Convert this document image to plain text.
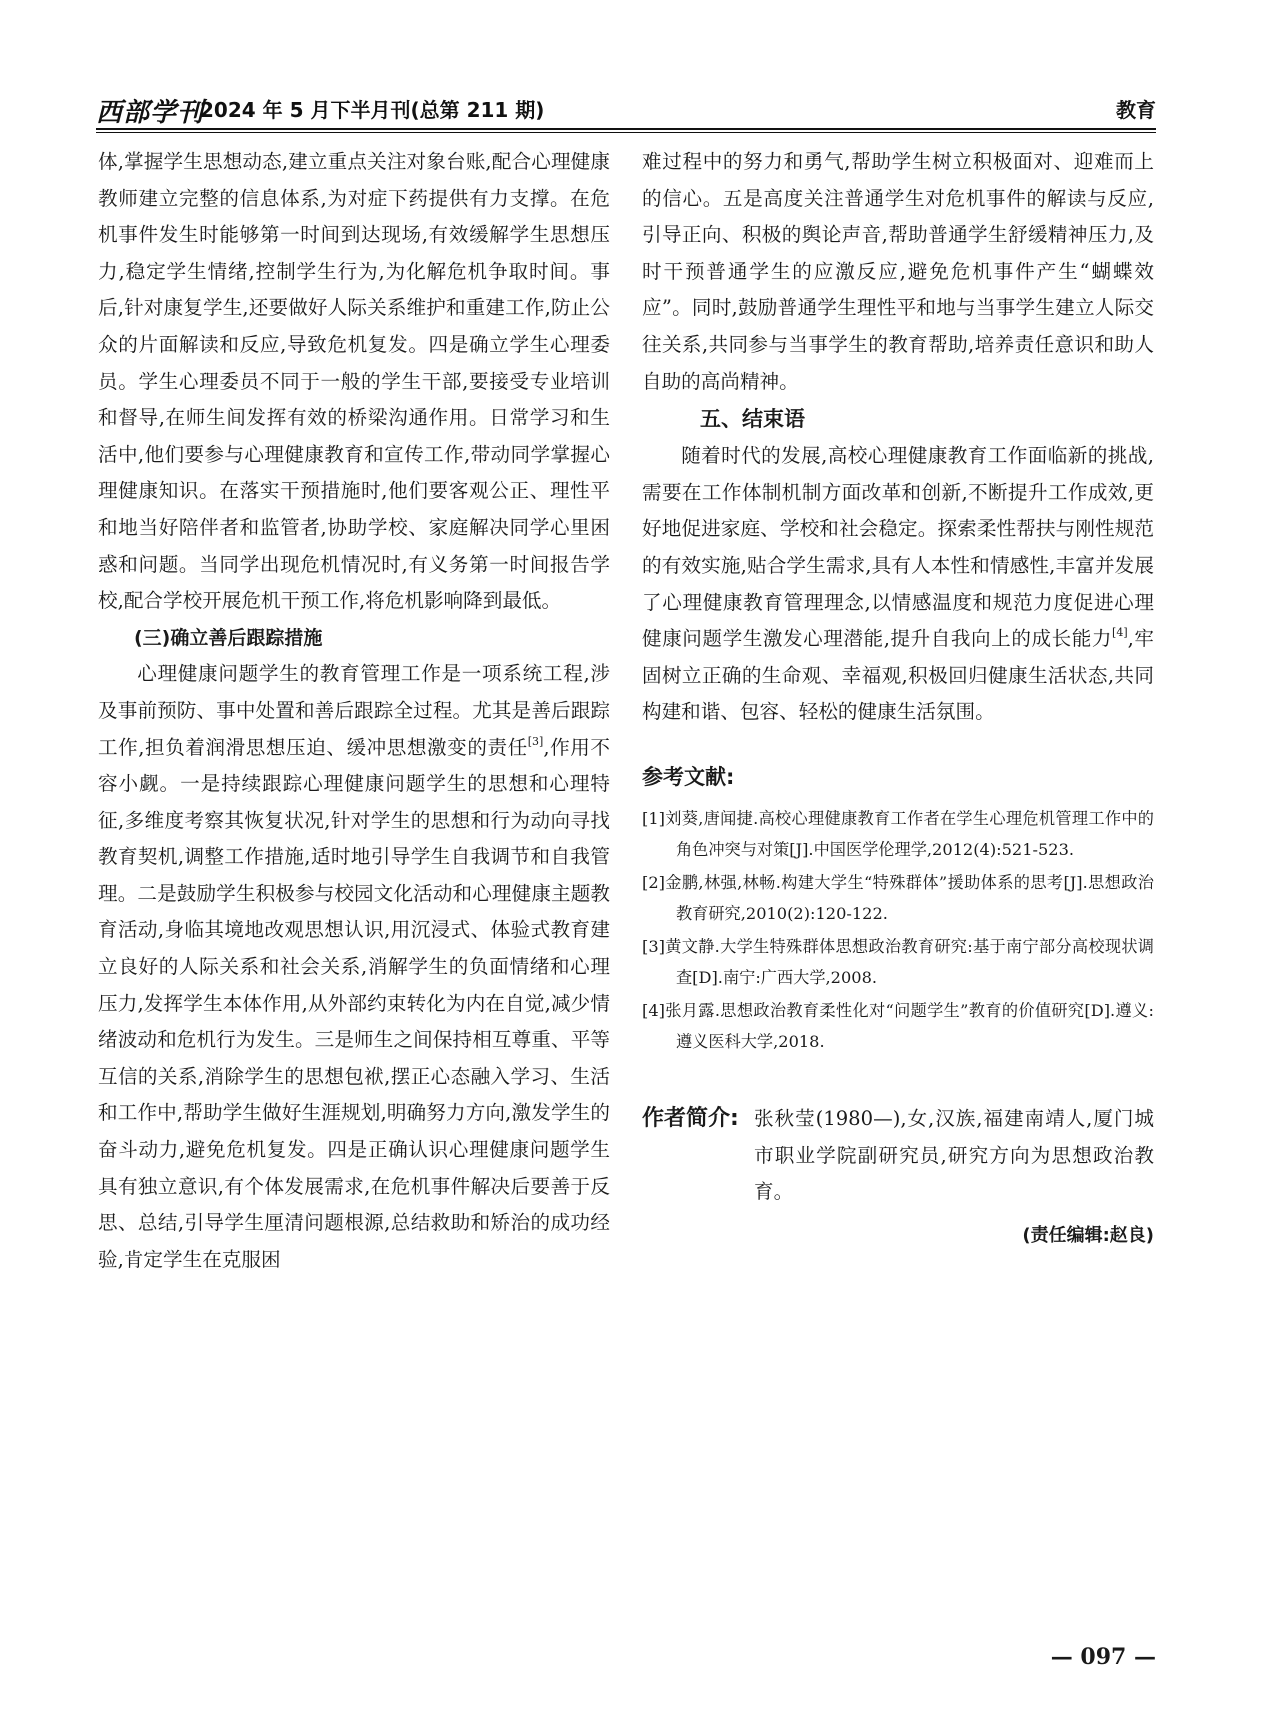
西部学刊
2024 年 5 月下半月刊(总第 211 期)	教育

体,掌握学生思想动态,建立重点关注对象台账,配合心理健康教师建立完整的信息体系,为对症下药提供有力支撑。在危机事件发生时能够第一时间到达现场,有效缓解学生思想压力,稳定学生情绪,控制学生行为,为化解危机争取时间。事后,针对康复学生,还要做好人际关系维护和重建工作,防止公众的片面解读和反应,导致危机复发。四是确立学生心理委员。学生心理委员不同于一般的学生干部,要接受专业培训和督导,在师生间发挥有效的桥梁沟通作用。日常学习和生活中,他们要参与心理健康教育和宣传工作,带动同学掌握心理健康知识。在落实干预措施时,他们要客观公正、理性平和地当好陪伴者和监管者,协助学校、家庭解决同学心里困惑和问题。当同学出现危机情况时,有义务第一时间报告学校,配合学校开展危机干预工作,将危机影响降到最低。

(三)确立善后跟踪措施

心理健康问题学生的教育管理工作是一项系统工程,涉及事前预防、事中处置和善后跟踪全过程。尤其是善后跟踪工作,担负着润滑思想压迫、缓冲思想激变的责任[3],作用不容小觑。一是持续跟踪心理健康问题学生的思想和心理特征,多维度考察其恢复状况,针对学生的思想和行为动向寻找教育契机,调整工作措施,适时地引导学生自我调节和自我管理。二是鼓励学生积极参与校园文化活动和心理健康主题教育活动,身临其境地改观思想认识,用沉浸式、体验式教育建立良好的人际关系和社会关系,消解学生的负面情绪和心理压力,发挥学生本体作用,从外部约束转化为内在自觉,减少情绪波动和危机行为发生。三是师生之间保持相互尊重、平等互信的关系,消除学生的思想包袱,摆正心态融入学习、生活和工作中,帮助学生做好生涯规划,明确努力方向,激发学生的奋斗动力,避免危机复发。四是正确认识心理健康问题学生具有独立意识,有个体发展需求,在危机事件解决后要善于反思、总结,引导学生厘清问题根源,总结救助和矫治的成功经验,肯定学生在克服困

难过程中的努力和勇气,帮助学生树立积极面对、迎难而上的信心。五是高度关注普通学生对危机事件的解读与反应,引导正向、积极的舆论声音,帮助普通学生舒缓精神压力,及时干预普通学生的应激反应,避免危机事件产生“蝴蝶效应”。同时,鼓励普通学生理性平和地与当事学生建立人际交往关系,共同参与当事学生的教育帮助,培养责任意识和助人自助的高尚精神。

五、结束语

随着时代的发展,高校心理健康教育工作面临新的挑战,需要在工作体制机制方面改革和创新,不断提升工作成效,更好地促进家庭、学校和社会稳定。探索柔性帮扶与刚性规范的有效实施,贴合学生需求,具有人本性和情感性,丰富并发展了心理健康教育管理理念,以情感温度和规范力度促进心理健康问题学生激发心理潜能,提升自我向上的成长能力[4],牢固树立正确的生命观、幸福观,积极回归健康生活状态,共同构建和谐、包容、轻松的健康生活氛围。

参考文献:
[1]刘葵,唐闻捷.高校心理健康教育工作者在学生心理危机管理工作中的角色冲突与对策[J].中国医学伦理学,2012(4):521-523.
[2]金鹏,林强,林畅.构建大学生“特殊群体”援助体系的思考[J].思想政治教育研究,2010(2):120-122.
[3]黄文静.大学生特殊群体思想政治教育研究:基于南宁部分高校现状调查[D].南宁:广西大学,2008.
[4]张月露.思想政治教育柔性化对“问题学生”教育的价值研究[D].遵义:遵义医科大学,2018.
作者简介: 张秋莹(1980—),女,汉族,福建南靖人,厦门城市职业学院副研究员,研究方向为思想政治教育。
(责任编辑:赵良)
— 097 —
